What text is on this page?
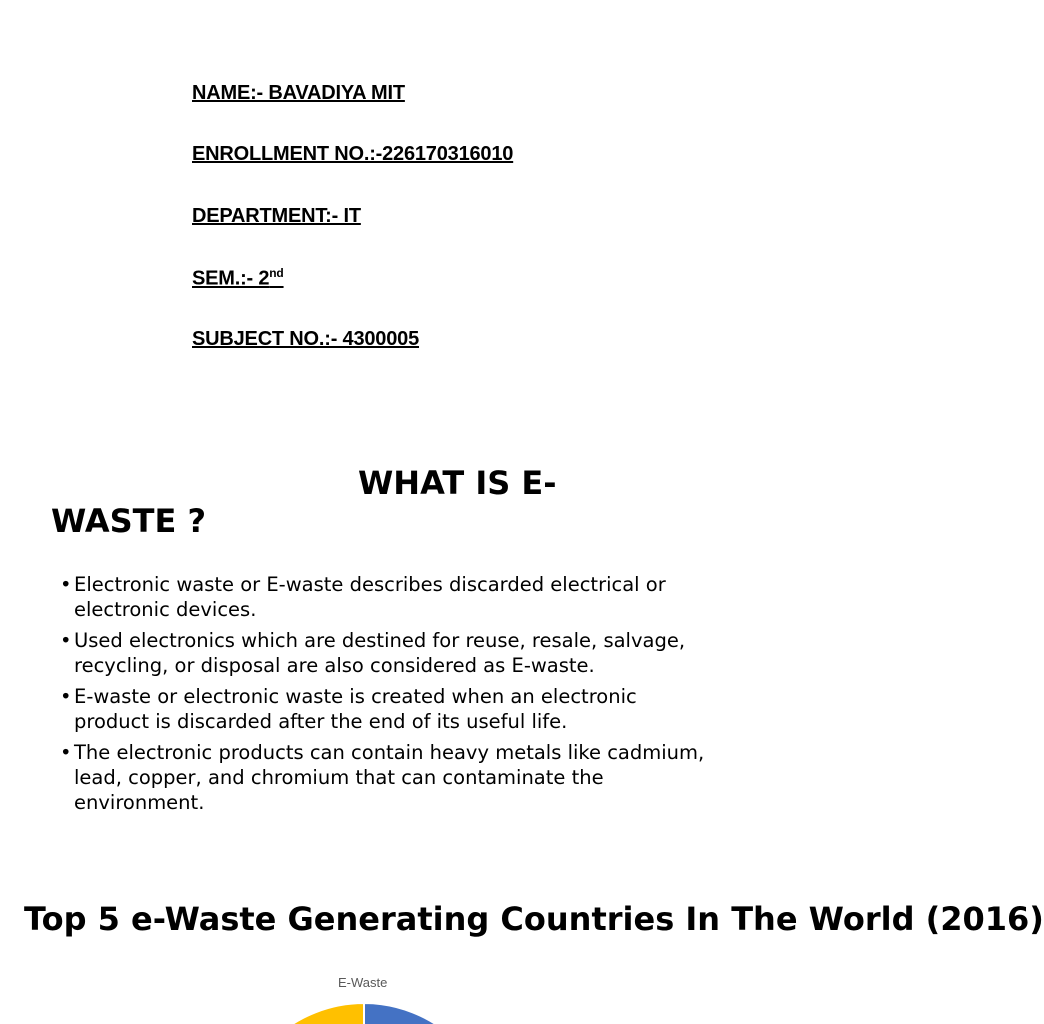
NAME:- BAVADIYA MIT
ENROLLMENT NO.:-226170316010
DEPARTMENT:- IT
SEM.:- 2nd
SUBJECT NO.:- 4300005
WHAT IS E-
WASTE ?
• Electronic waste or E-waste describes discarded electrical or electronic devices.
• Used electronics which are destined for reuse, resale, salvage, recycling, or disposal are also considered as E-waste.
• E-waste or electronic waste is created when an electronic product is discarded after the end of its useful life.
• The electronic products can contain heavy metals like cadmium, lead, copper, and chromium that can contaminate the environment.
Top 5 e-Waste Generating Countries In The World (2016)
E-Waste
